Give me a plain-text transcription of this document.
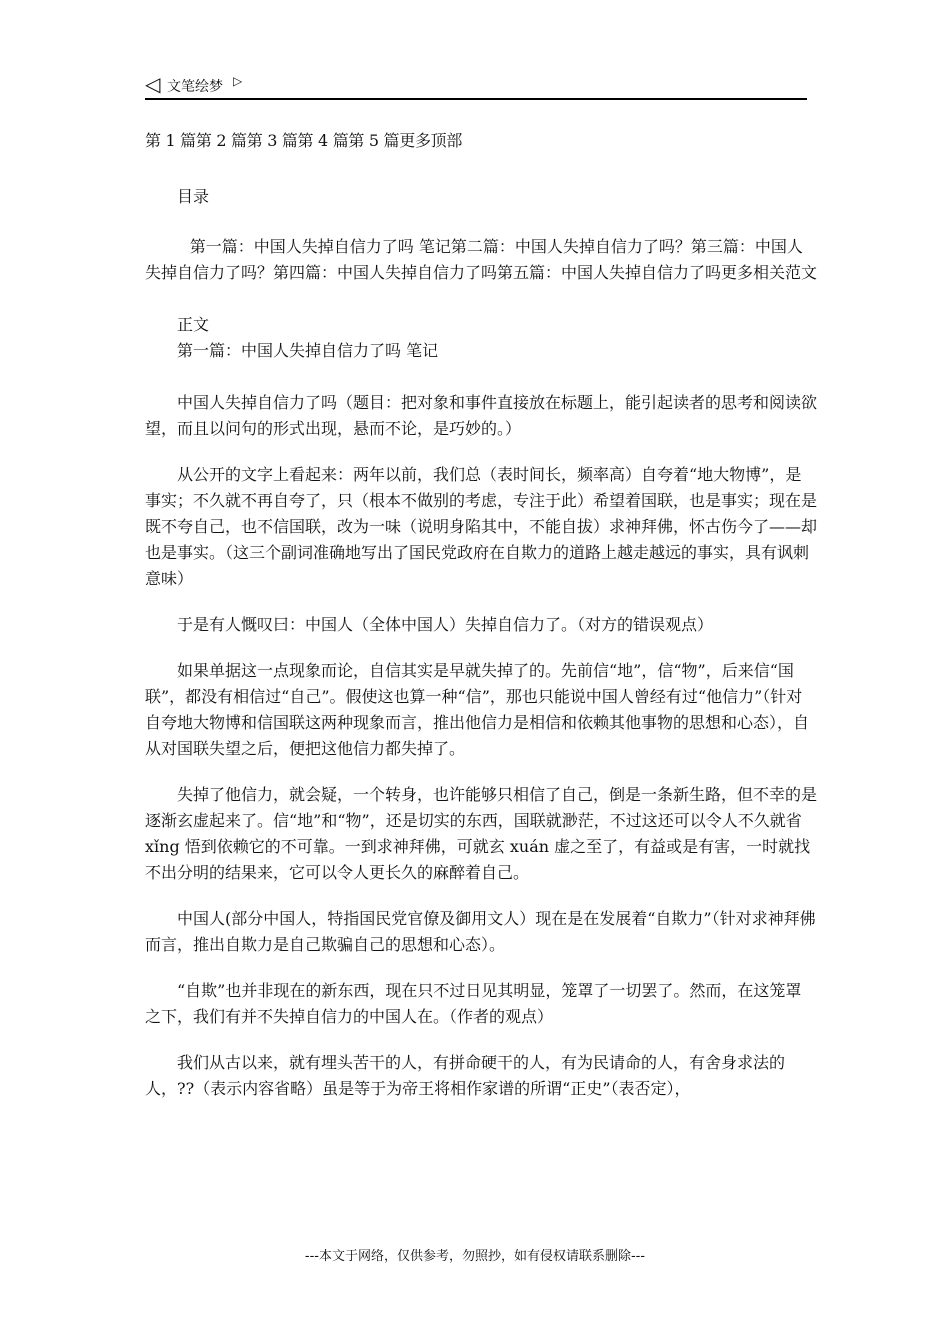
◁ 文笔绘梦 ▷

第 1 篇第 2 篇第 3 篇第 4 篇第 5 篇更多顶部

目录

第一篇：中国人失掉自信力了吗 笔记第二篇：中国人失掉自信力了吗？第三篇：中国人失掉自信力了吗？第四篇：中国人失掉自信力了吗第五篇：中国人失掉自信力了吗更多相关范文

正文

第一篇：中国人失掉自信力了吗 笔记

中国人失掉自信力了吗（题目：把对象和事件直接放在标题上，能引起读者的思考和阅读欲望，而且以问句的形式出现，悬而不论，是巧妙的。）

从公开的文字上看起来：两年以前，我们总（表时间长，频率高）自夸着“地大物博”，是事实；不久就不再自夸了，只（根本不做别的考虑，专注于此）希望着国联，也是事实；现在是既不夸自己，也不信国联，改为一味（说明身陷其中，不能自拔）求神拜佛，怀古伤今了——却也是事实。（这三个副词准确地写出了国民党政府在自欺力的道路上越走越远的事实，具有讽刺意味）

于是有人慨叹曰：中国人（全体中国人）失掉自信力了。（对方的错误观点）

如果单据这一点现象而论，自信其实是早就失掉了的。先前信“地”，信“物”，后来信“国联”，都没有相信过“自己”。假使这也算一种“信”，那也只能说中国人曾经有过“他信力”（针对自夸地大物博和信国联这两种现象而言，推出他信力是相信和依赖其他事物的思想和心态），自从对国联失望之后，便把这他信力都失掉了。

失掉了他信力，就会疑，一个转身，也许能够只相信了自己，倒是一条新生路，但不幸的是逐渐玄虚起来了。信“地”和“物”，还是切实的东西，国联就渺茫，不过这还可以令人不久就省 xǐng 悟到依赖它的不可靠。一到求神拜佛，可就玄 xuán 虚之至了，有益或是有害，一时就找不出分明的结果来，它可以令人更长久的麻醉着自己。

中国人(部分中国人，特指国民党官僚及御用文人）现在是在发展着“自欺力”（针对求神拜佛而言，推出自欺力是自己欺骗自己的思想和心态）。

“自欺”也并非现在的新东西，现在只不过日见其明显，笼罩了一切罢了。然而，在这笼罩之下，我们有并不失掉自信力的中国人在。（作者的观点）

我们从古以来，就有埋头苦干的人，有拼命硬干的人，有为民请命的人，有舍身求法的人，??（表示内容省略）虽是等于为帝王将相作家谱的所谓“正史”（表否定），

---本文于网络，仅供参考，勿照抄，如有侵权请联系删除---
